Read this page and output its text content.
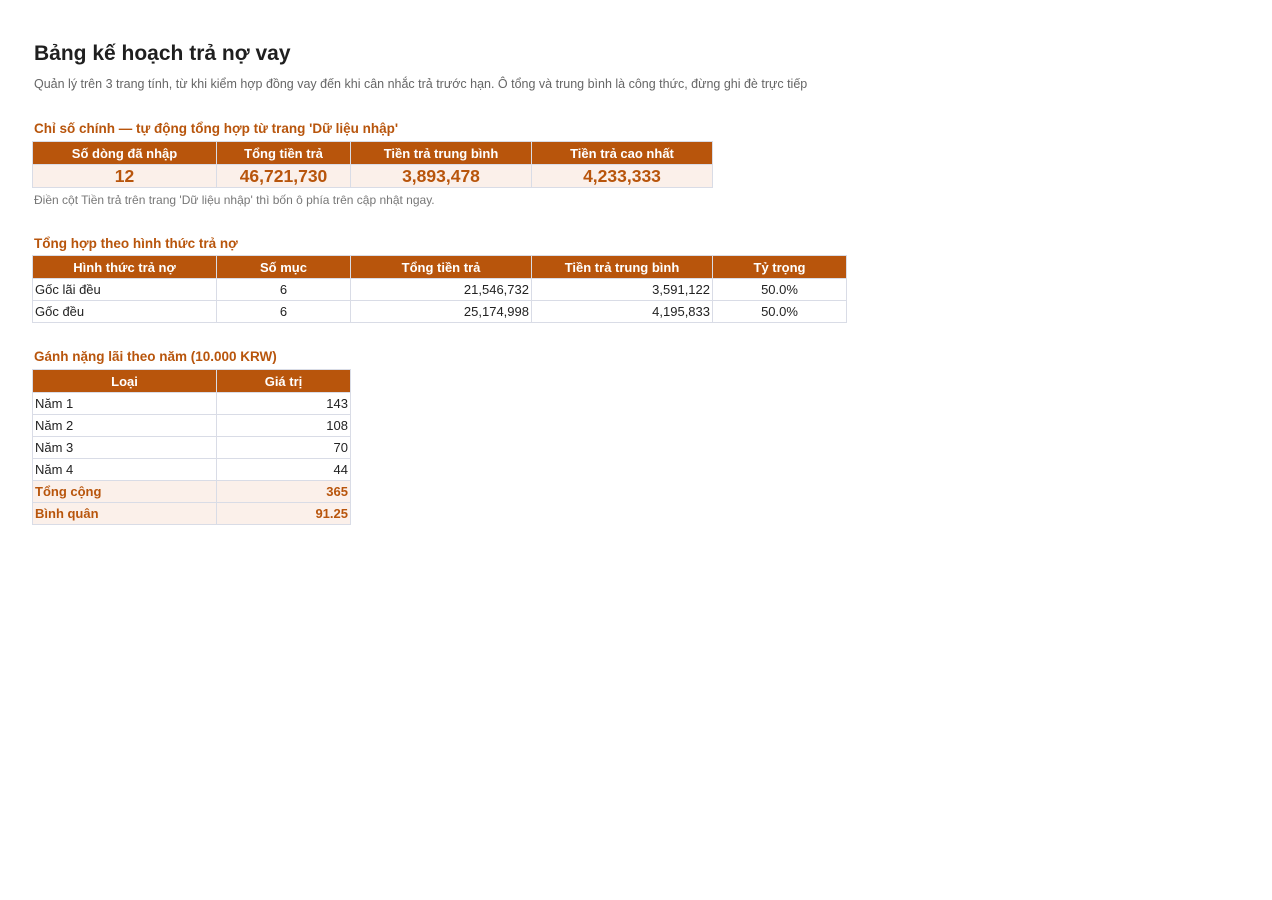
Bảng kế hoạch trả nợ vay
Quản lý trên 3 trang tính, từ khi kiểm hợp đồng vay đến khi cân nhắc trả trước hạn. Ô tổng và trung bình là công thức, đừng ghi đè trực tiếp
Chỉ số chính — tự động tổng hợp từ trang 'Dữ liệu nhập'
Số dòng đã nhập	Tổng tiền trả	Tiền trả trung bình	Tiền trả cao nhất
12	46,721,730	3,893,478	4,233,333
Điền cột Tiền trả trên trang 'Dữ liệu nhập' thì bốn ô phía trên cập nhật ngay.
Tổng hợp theo hình thức trả nợ
Hình thức trả nợ	Số mục	Tổng tiền trả	Tiền trả trung bình	Tỷ trọng
Gốc lãi đều	6	21,546,732	3,591,122	50.0%
Gốc đều	6	25,174,998	4,195,833	50.0%
Gánh nặng lãi theo năm (10.000 KRW)
Loại	Giá trị
Năm 1	143
Năm 2	108
Năm 3	70
Năm 4	44
Tổng cộng	365
Bình quân	91.25
